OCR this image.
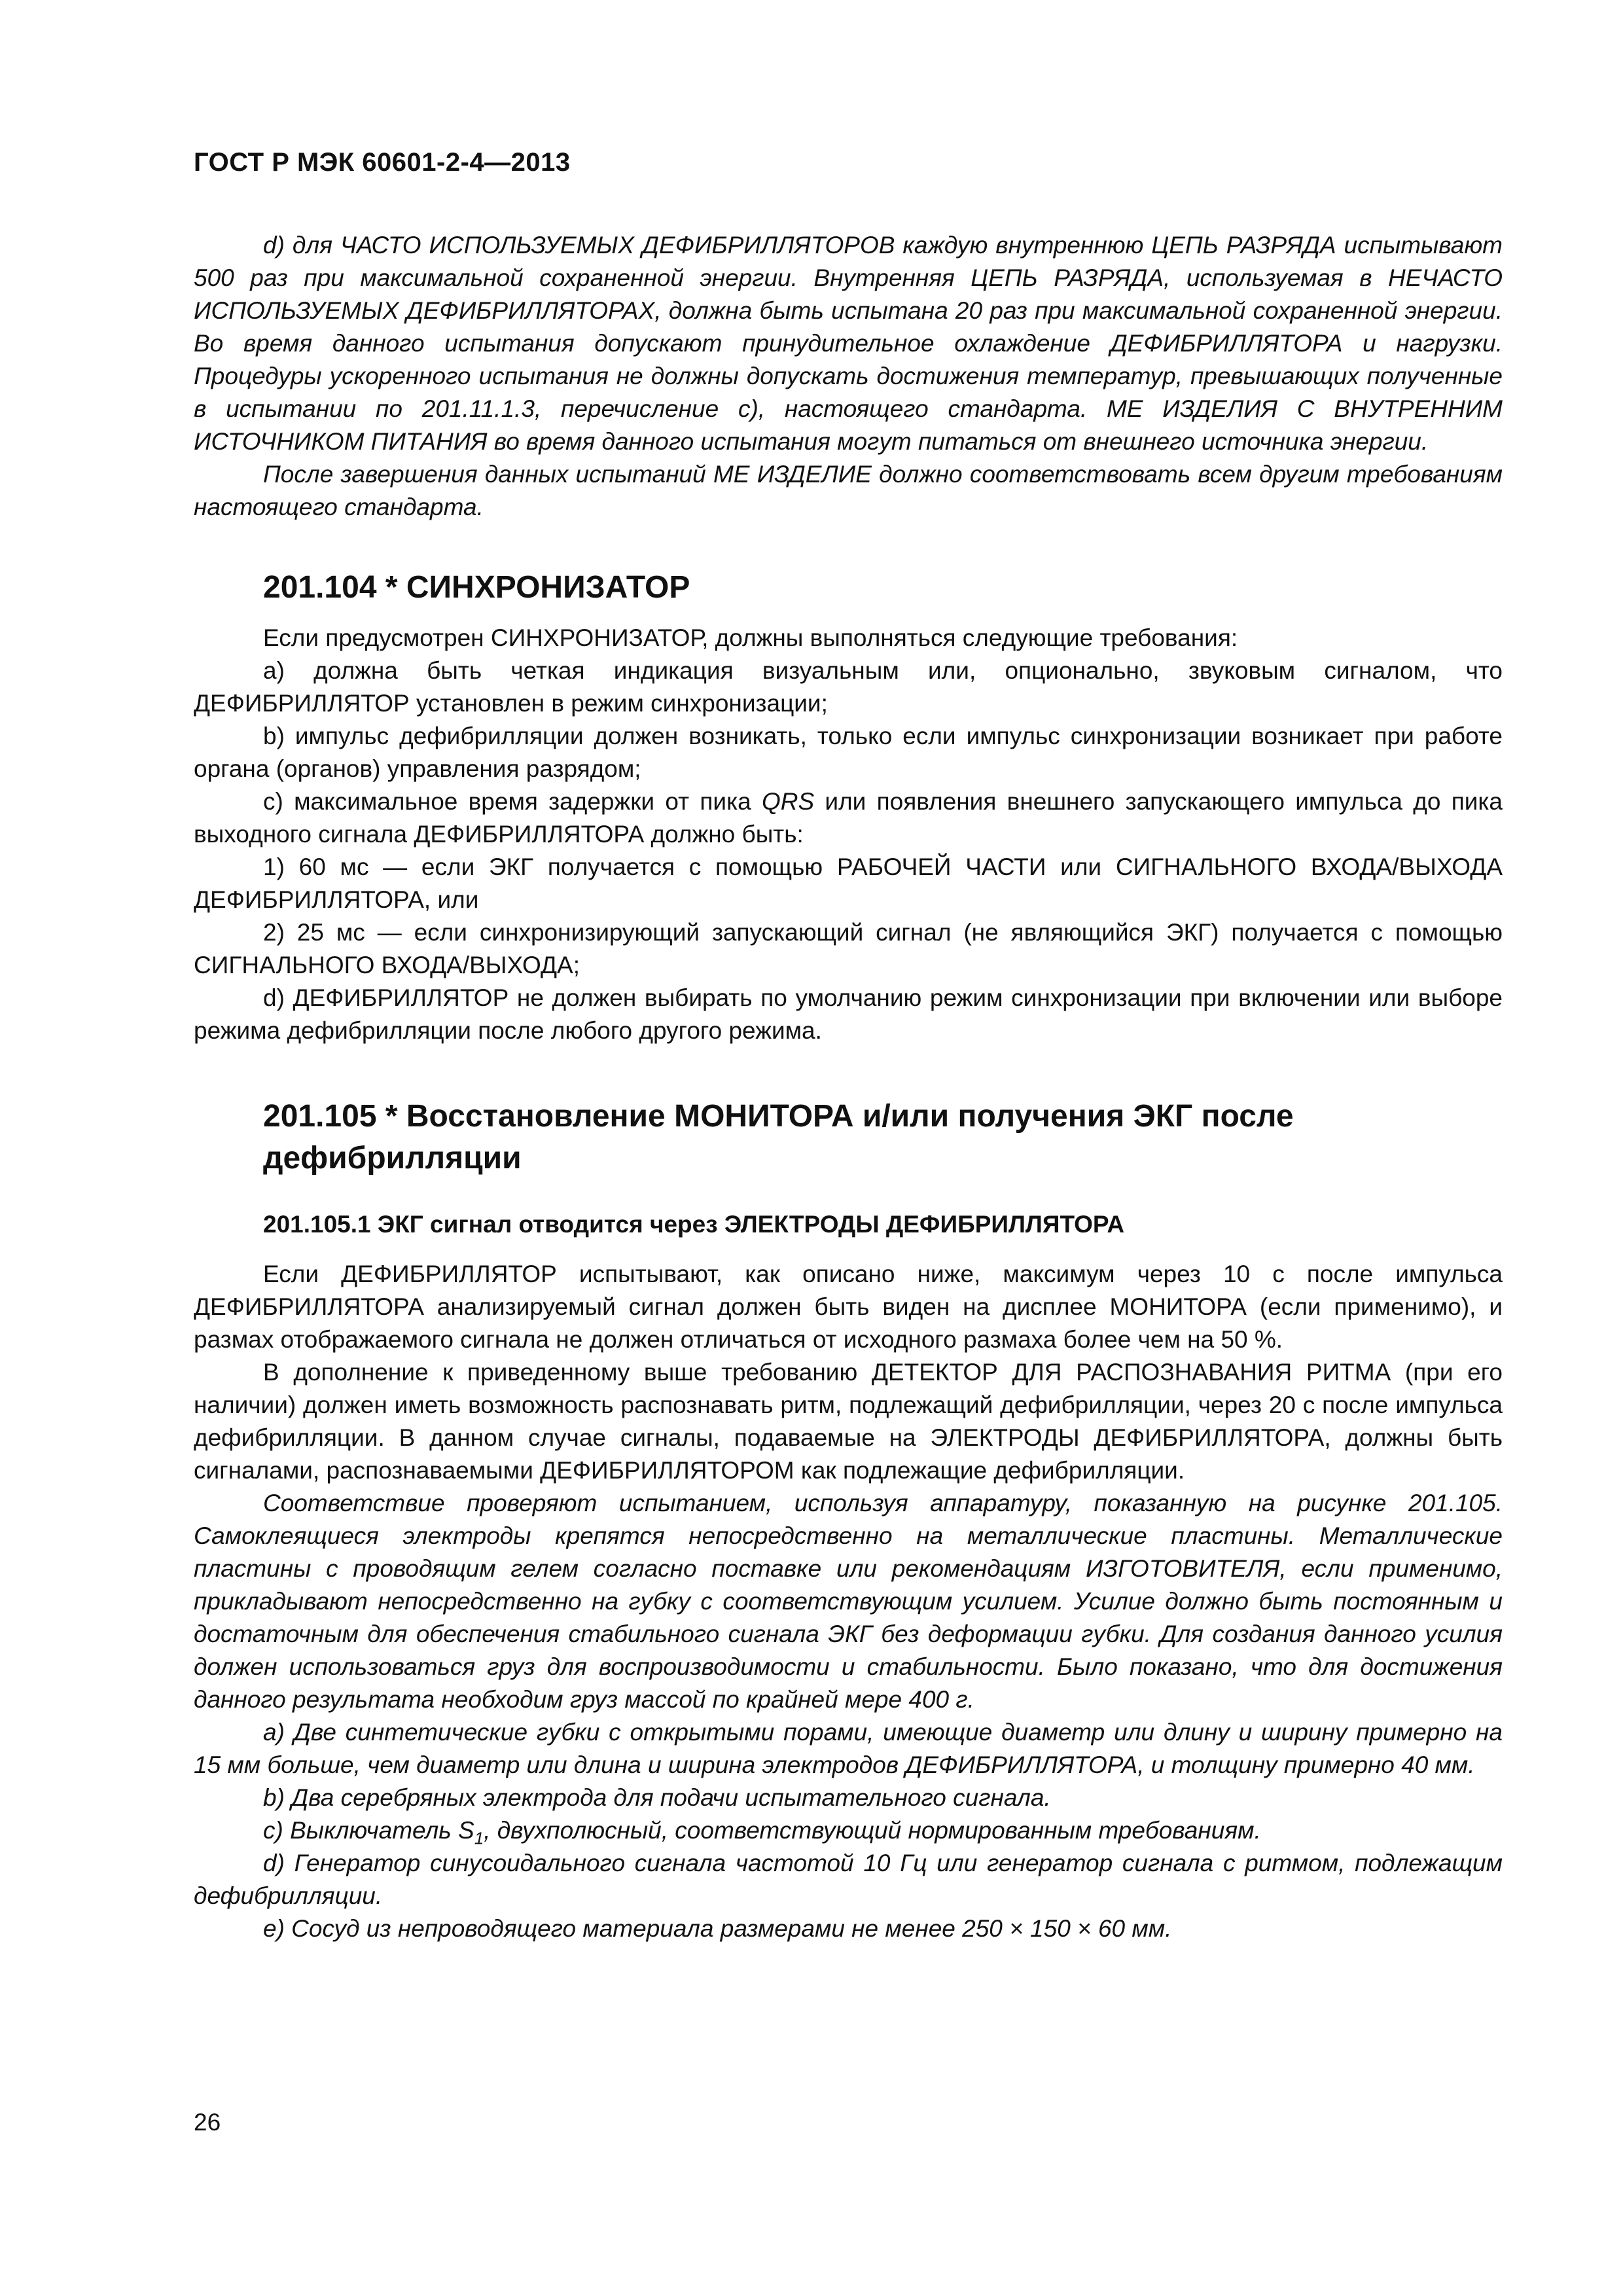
ГОСТ Р МЭК 60601-2-4—2013

d) для ЧАСТО ИСПОЛЬЗУЕМЫХ ДЕФИБРИЛЛЯТОРОВ каждую внутреннюю ЦЕПЬ РАЗРЯДА испытывают 500 раз при максимальной сохраненной энергии. Внутренняя ЦЕПЬ РАЗРЯДА, используемая в НЕЧАСТО ИСПОЛЬЗУЕМЫХ ДЕФИБРИЛЛЯТОРАХ, должна быть испытана 20 раз при максимальной сохраненной энергии. Во время данного испытания допускают принудительное охлаждение ДЕФИБРИЛЛЯТОРА и нагрузки. Процедуры ускоренного испытания не должны допускать достижения температур, превышающих полученные в испытании по 201.11.1.3, перечисление с), настоящего стандарта. МЕ ИЗДЕЛИЯ С ВНУТРЕННИМ ИСТОЧНИКОМ ПИТАНИЯ во время данного испытания могут питаться от внешнего источника энергии.

После завершения данных испытаний МЕ ИЗДЕЛИЕ должно соответствовать всем другим требованиям настоящего стандарта.

201.104 * СИНХРОНИЗАТОР

Если предусмотрен СИНХРОНИЗАТОР, должны выполняться следующие требования:

a) должна быть четкая индикация визуальным или, опционально, звуковым сигналом, что ДЕФИБРИЛЛЯТОР установлен в режим синхронизации;

b) импульс дефибрилляции должен возникать, только если импульс синхронизации возникает при работе органа (органов) управления разрядом;

c) максимальное время задержки от пика QRS или появления внешнего запускающего импульса до пика выходного сигнала ДЕФИБРИЛЛЯТОРА должно быть:

1) 60 мс — если ЭКГ получается с помощью РАБОЧЕЙ ЧАСТИ или СИГНАЛЬНОГО ВХОДА/ВЫХОДА ДЕФИБРИЛЛЯТОРА, или

2) 25 мс — если синхронизирующий запускающий сигнал (не являющийся ЭКГ) получается с помощью СИГНАЛЬНОГО ВХОДА/ВЫХОДА;

d) ДЕФИБРИЛЛЯТОР не должен выбирать по умолчанию режим синхронизации при включении или выборе режима дефибрилляции после любого другого режима.

201.105 * Восстановление МОНИТОРА и/или получения ЭКГ после дефибрилляции
201.105.1 ЭКГ сигнал отводится через ЭЛЕКТРОДЫ ДЕФИБРИЛЛЯТОРА

Если ДЕФИБРИЛЛЯТОР испытывают, как описано ниже, максимум через 10 с после импульса ДЕФИБРИЛЛЯТОРА анализируемый сигнал должен быть виден на дисплее МОНИТОРА (если применимо), и размах отображаемого сигнала не должен отличаться от исходного размаха более чем на 50 %.

В дополнение к приведенному выше требованию ДЕТЕКТОР ДЛЯ РАСПОЗНАВАНИЯ РИТМА (при его наличии) должен иметь возможность распознавать ритм, подлежащий дефибрилляции, через 20 с после импульса дефибрилляции. В данном случае сигналы, подаваемые на ЭЛЕКТРОДЫ ДЕФИБРИЛЛЯТОРА, должны быть сигналами, распознаваемыми ДЕФИБРИЛЛЯТОРОМ как подлежащие дефибрилляции.

Соответствие проверяют испытанием, используя аппаратуру, показанную на рисунке 201.105. Самоклеящиеся электроды крепятся непосредственно на металлические пластины. Металлические пластины с проводящим гелем согласно поставке или рекомендациям ИЗГОТОВИТЕЛЯ, если применимо, прикладывают непосредственно на губку с соответствующим усилием. Усилие должно быть постоянным и достаточным для обеспечения стабильного сигнала ЭКГ без деформации губки. Для создания данного усилия должен использоваться груз для воспроизводимости и стабильности. Было показано, что для достижения данного результата необходим груз массой по крайней мере 400 г.

a) Две синтетические губки с открытыми порами, имеющие диаметр или длину и ширину примерно на 15 мм больше, чем диаметр или длина и ширина электродов ДЕФИБРИЛЛЯТОРА, и толщину примерно 40 мм.

b) Два серебряных электрода для подачи испытательного сигнала.

c) Выключатель $S_1$, двухполюсный, соответствующий нормированным требованиям.

d) Генератор синусоидального сигнала частотой 10 Гц или генератор сигнала с ритмом, подлежащим дефибрилляции.

e) Сосуд из непроводящего материала размерами не менее 250 × 150 × 60 мм.

26
